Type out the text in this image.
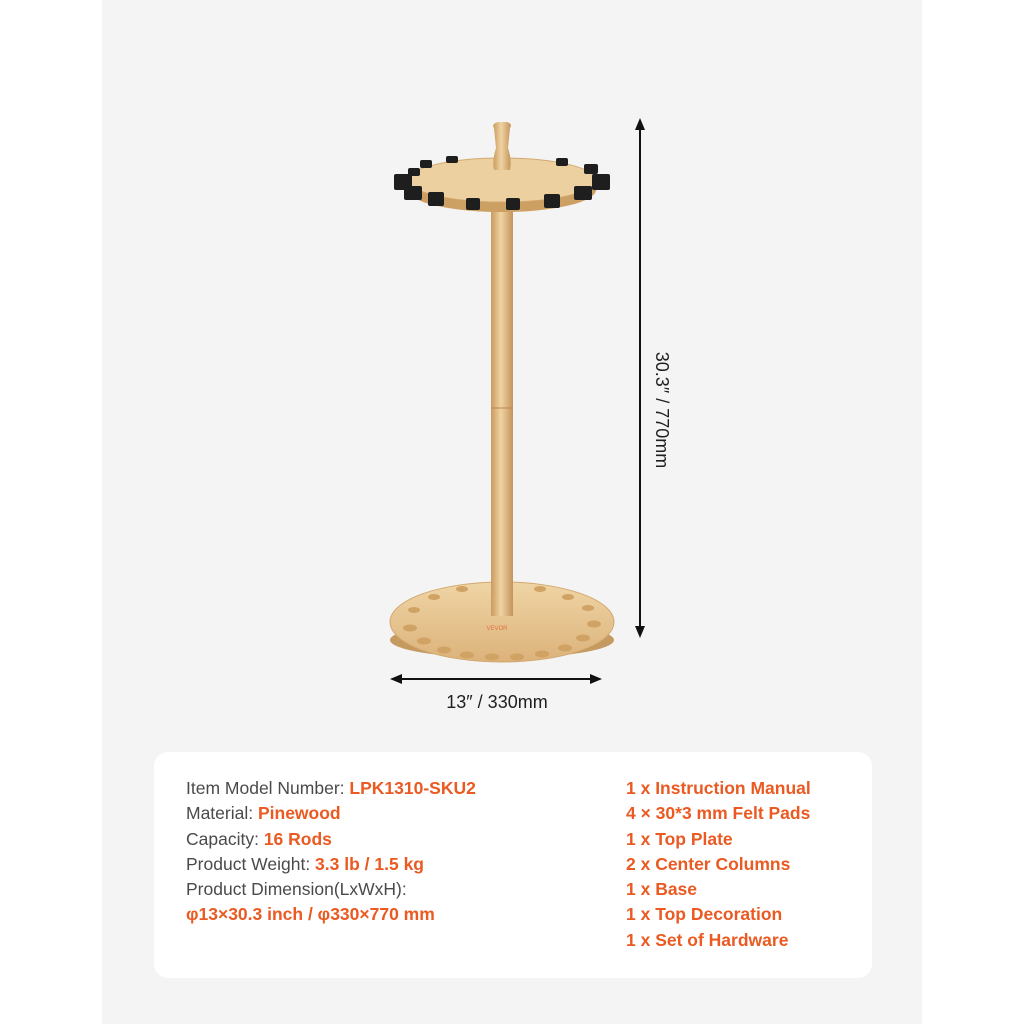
VEVOR
30.3″ / 770mm
13″ / 330mm
Item Model Number: LPK1310-SKU2
Material: Pinewood
Capacity: 16 Rods
Product Weight: 3.3 lb / 1.5 kg
Product Dimension(LxWxH):
φ13×30.3 inch / φ330×770 mm
1 x Instruction Manual
4 × 30*3 mm Felt Pads
1 x Top Plate
2 x Center Columns
1 x Base
1 x Top Decoration
1 x Set of Hardware
